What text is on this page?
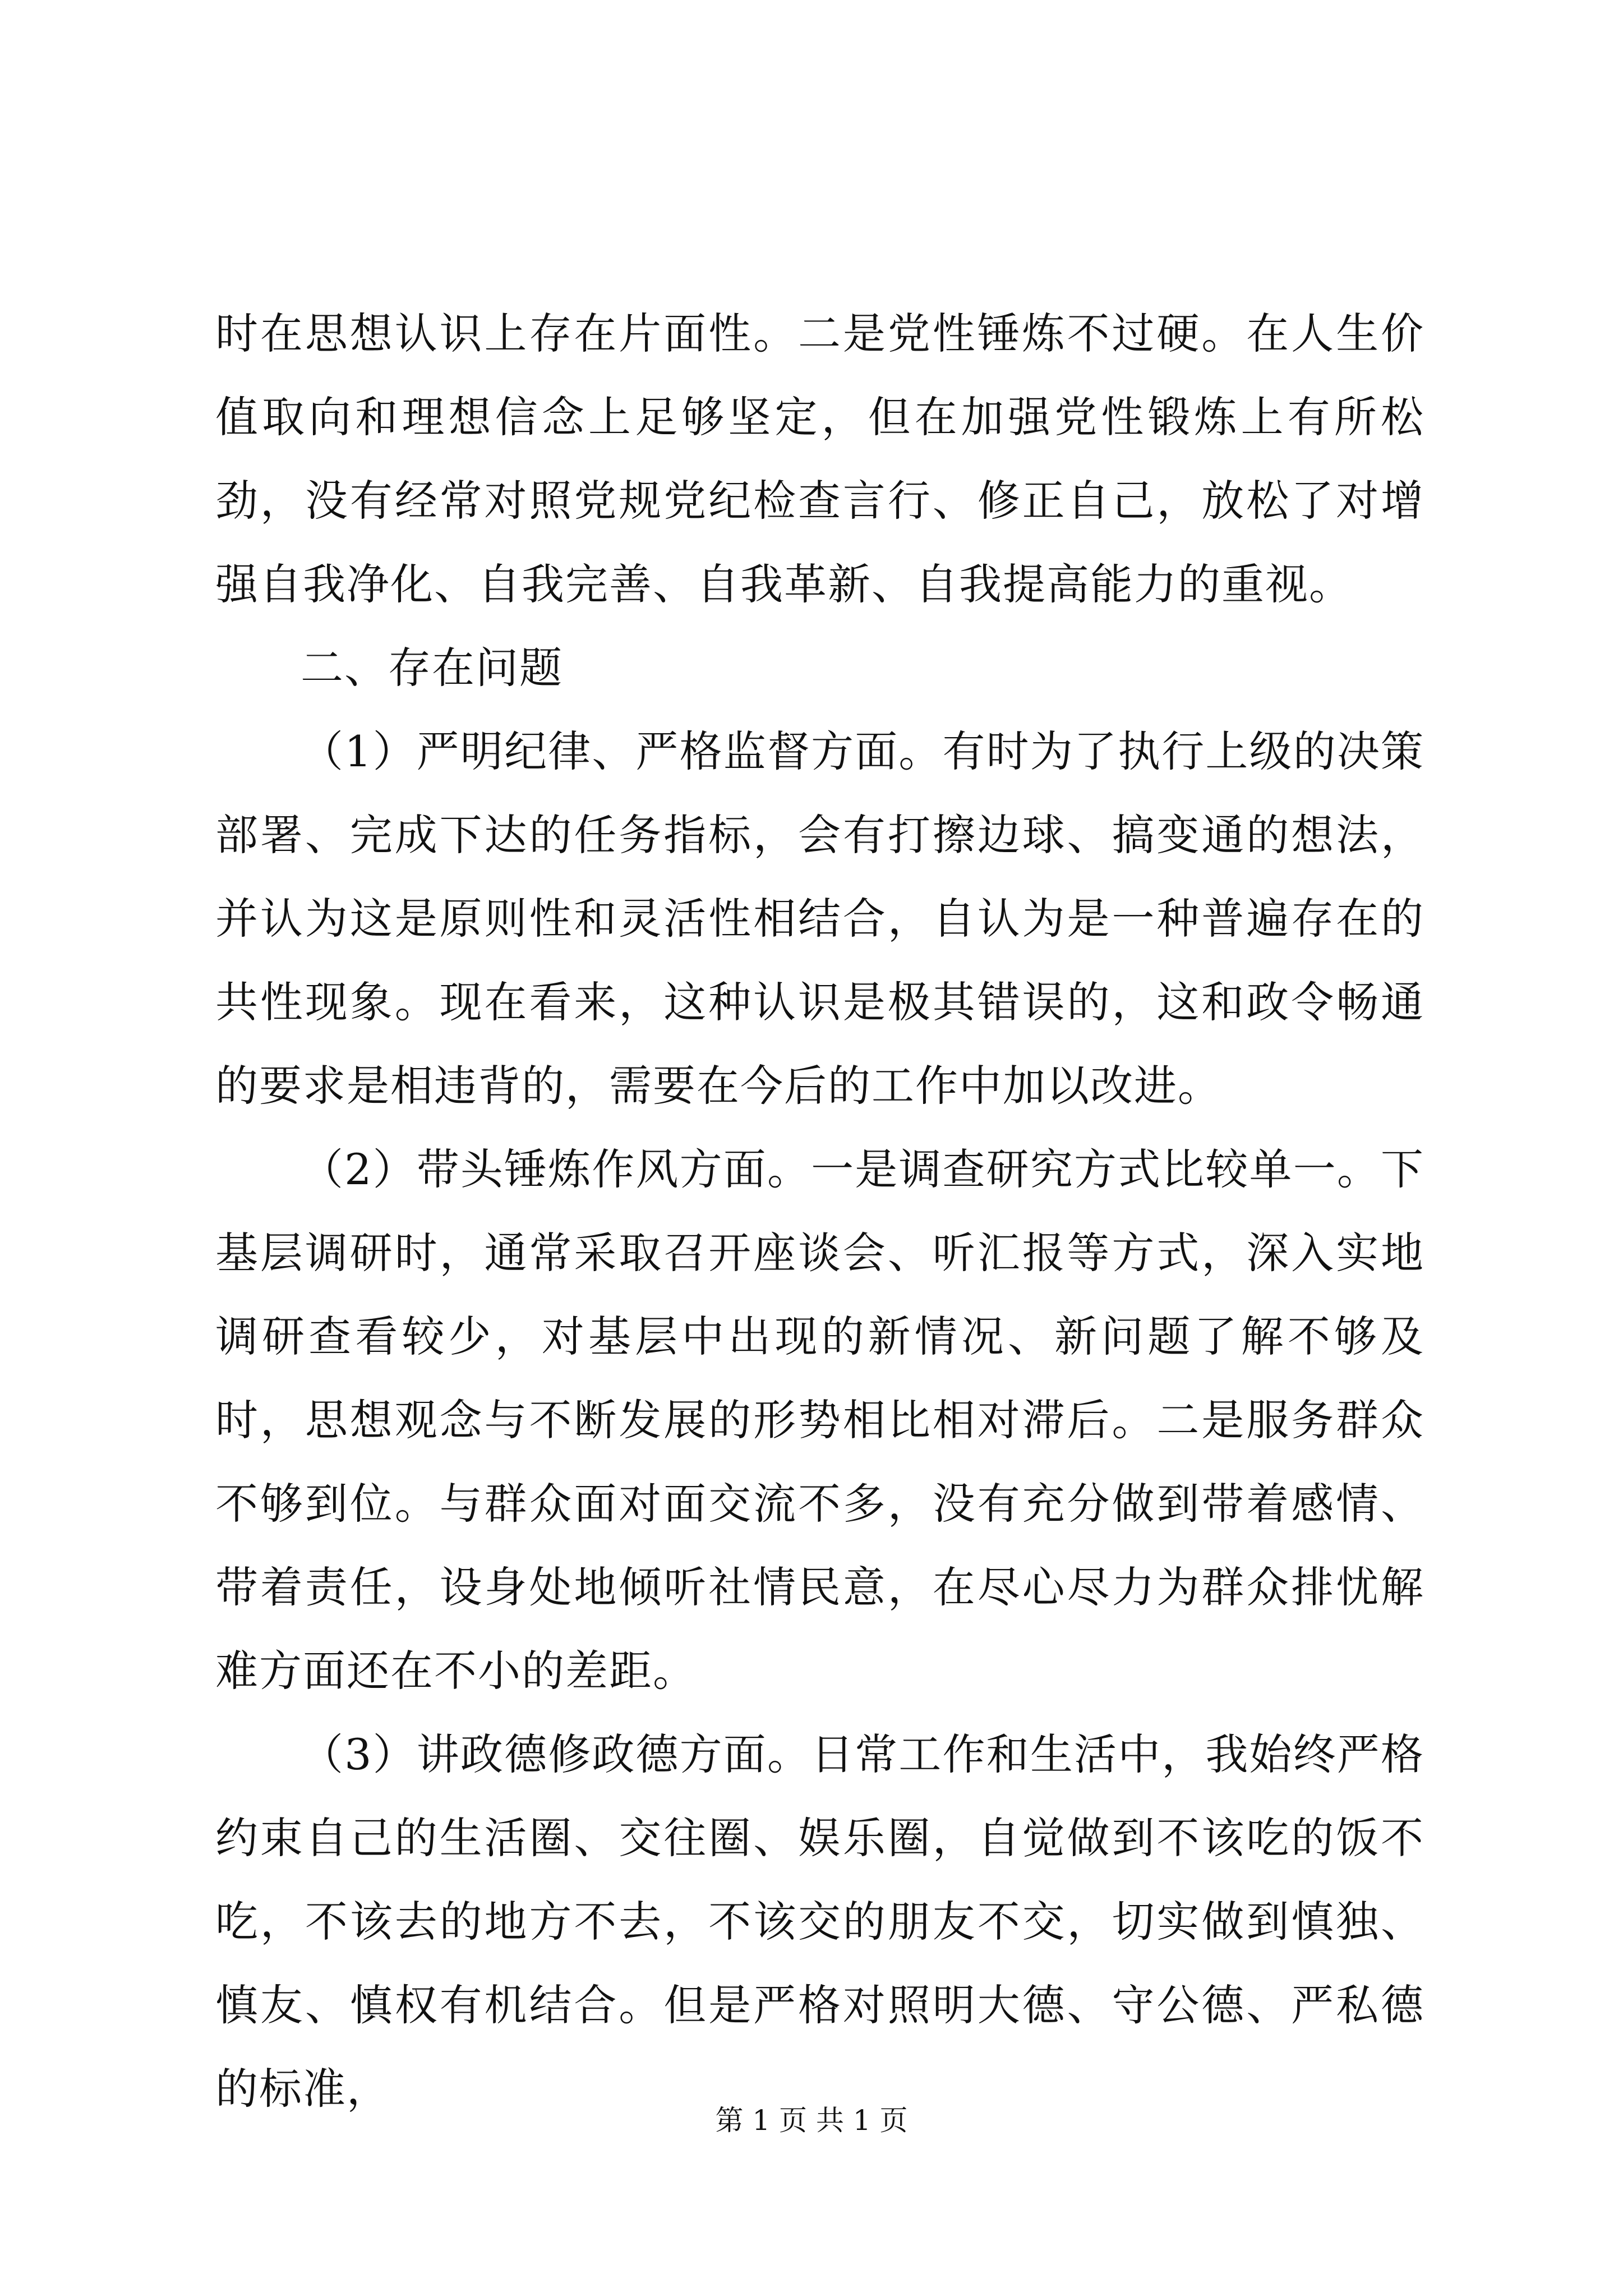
时在思想认识上存在片面性。二是党性锤炼不过硬。在人生价值取向和理想信念上足够坚定，但在加强党性锻炼上有所松劲，没有经常对照党规党纪检查言行、修正自己，放松了对增强自我净化、自我完善、自我革新、自我提高能力的重视。

二、存在问题

（1）严明纪律、严格监督方面。有时为了执行上级的决策部署、完成下达的任务指标，会有打擦边球、搞变通的想法，并认为这是原则性和灵活性相结合，自认为是一种普遍存在的共性现象。现在看来，这种认识是极其错误的，这和政令畅通的要求是相违背的，需要在今后的工作中加以改进。

（2）带头锤炼作风方面。一是调查研究方式比较单一。下基层调研时，通常采取召开座谈会、听汇报等方式，深入实地调研查看较少，对基层中出现的新情况、新问题了解不够及时，思想观念与不断发展的形势相比相对滞后。二是服务群众不够到位。与群众面对面交流不多，没有充分做到带着感情、带着责任，设身处地倾听社情民意，在尽心尽力为群众排忧解难方面还在不小的差距。

（3）讲政德修政德方面。日常工作和生活中，我始终严格约束自己的生活圈、交往圈、娱乐圈，自觉做到不该吃的饭不吃，不该去的地方不去，不该交的朋友不交，切实做到慎独、慎友、慎权有机结合。但是严格对照明大德、守公德、严私德的标准，

第 1 页 共 1 页
